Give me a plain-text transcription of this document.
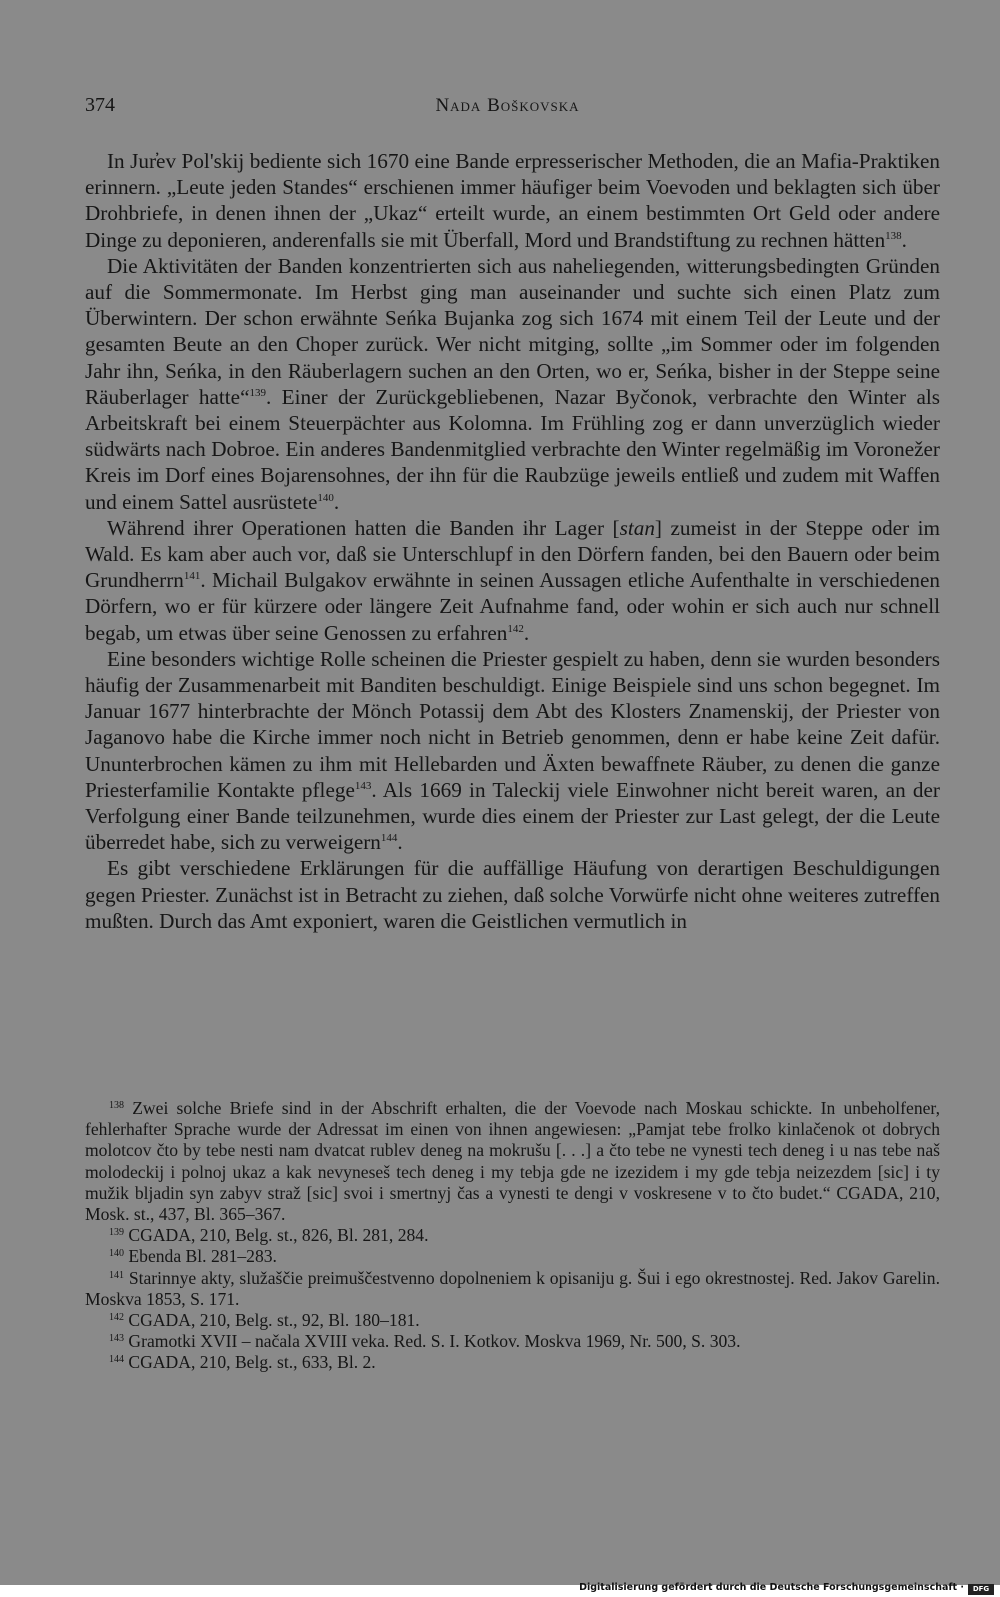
374	Nada Boškovska

In Jur̕ev Pol'skij bediente sich 1670 eine Bande erpresserischer Methoden, die an Mafia-Praktiken erinnern. „Leute jeden Standes“ erschienen immer häufiger beim Voevoden und beklagten sich über Drohbriefe, in denen ihnen der „Ukaz“ erteilt wurde, an einem bestimmten Ort Geld oder andere Dinge zu deponieren, anderenfalls sie mit Überfall, Mord und Brandstiftung zu rechnen hätten$^{138}$.

Die Aktivitäten der Banden konzentrierten sich aus naheliegenden, witterungsbedingten Gründen auf die Sommermonate. Im Herbst ging man auseinander und suchte sich einen Platz zum Überwintern. Der schon erwähnte Seńka Bujanka zog sich 1674 mit einem Teil der Leute und der gesamten Beute an den Choper zurück. Wer nicht mitging, sollte „im Sommer oder im folgenden Jahr ihn, Seńka, in den Räuberlagern suchen an den Orten, wo er, Seńka, bisher in der Steppe seine Räuberlager hatte“$^{139}$. Einer der Zurückgebliebenen, Nazar Byčonok, verbrachte den Winter als Arbeitskraft bei einem Steuerpächter aus Kolomna. Im Frühling zog er dann unverzüglich wieder südwärts nach Dobroe. Ein anderes Bandenmitglied verbrachte den Winter regelmäßig im Voronežer Kreis im Dorf eines Bojarensohnes, der ihn für die Raubzüge jeweils entließ und zudem mit Waffen und einem Sattel ausrüstete$^{140}$.

Während ihrer Operationen hatten die Banden ihr Lager [stan] zumeist in der Steppe oder im Wald. Es kam aber auch vor, daß sie Unterschlupf in den Dörfern fanden, bei den Bauern oder beim Grundherrn$^{141}$. Michail Bulgakov erwähnte in seinen Aussagen etliche Aufenthalte in verschiedenen Dörfern, wo er für kürzere oder längere Zeit Aufnahme fand, oder wohin er sich auch nur schnell begab, um etwas über seine Genossen zu erfahren$^{142}$.

Eine besonders wichtige Rolle scheinen die Priester gespielt zu haben, denn sie wurden besonders häufig der Zusammenarbeit mit Banditen beschuldigt. Einige Beispiele sind uns schon begegnet. Im Januar 1677 hinterbrachte der Mönch Potassij dem Abt des Klosters Znamenskij, der Priester von Jaganovo habe die Kirche immer noch nicht in Betrieb genommen, denn er habe keine Zeit dafür. Ununterbrochen kämen zu ihm mit Hellebarden und Äxten bewaffnete Räuber, zu denen die ganze Priesterfamilie Kontakte pflege$^{143}$. Als 1669 in Taleckij viele Einwohner nicht bereit waren, an der Verfolgung einer Bande teilzunehmen, wurde dies einem der Priester zur Last gelegt, der die Leute überredet habe, sich zu verweigern$^{144}$.

Es gibt verschiedene Erklärungen für die auffällige Häufung von derartigen Beschuldigungen gegen Priester. Zunächst ist in Betracht zu ziehen, daß solche Vorwürfe nicht ohne weiteres zutreffen mußten. Durch das Amt exponiert, waren die Geistlichen vermutlich in

$^{138}$ Zwei solche Briefe sind in der Abschrift erhalten, die der Voevode nach Moskau schickte. In unbeholfener, fehlerhafter Sprache wurde der Adressat im einen von ihnen angewiesen: „Pamjat tebe frolko kinlačenok ot dobrych molotcov čto by tebe nesti nam dvatcat rublev deneg na mokrušu [. . .] a čto tebe ne vynesti tech deneg i u nas tebe naš molodeckij i polnoj ukaz a kak nevyneseš tech deneg i my tebja gde ne izezidem i my gde tebja neizezdem [sic] i ty mužik bljadin syn zabyv straž [sic] svoi i smertnyj čas a vynesti te dengi v voskresene v to čto budet.“ CGADA, 210, Mosk. st., 437, Bl. 365–367.

$^{139}$ CGADA, 210, Belg. st., 826, Bl. 281, 284.

$^{140}$ Ebenda Bl. 281–283.

$^{141}$ Starinnye akty, služaščie preimuščestvenno dopolneniem k opisaniju g. Šui i ego okrestnostej. Red. Jakov Garelin. Moskva 1853, S. 171.

$^{142}$ CGADA, 210, Belg. st., 92, Bl. 180–181.

$^{143}$ Gramotki XVII – načala XVIII veka. Red. S. I. Kotkov. Moskva 1969, Nr. 500, S. 303.

$^{144}$ CGADA, 210, Belg. st., 633, Bl. 2.

Digitalisierung gefördert durch die Deutsche Forschungsgemeinschaft ·	DFG
